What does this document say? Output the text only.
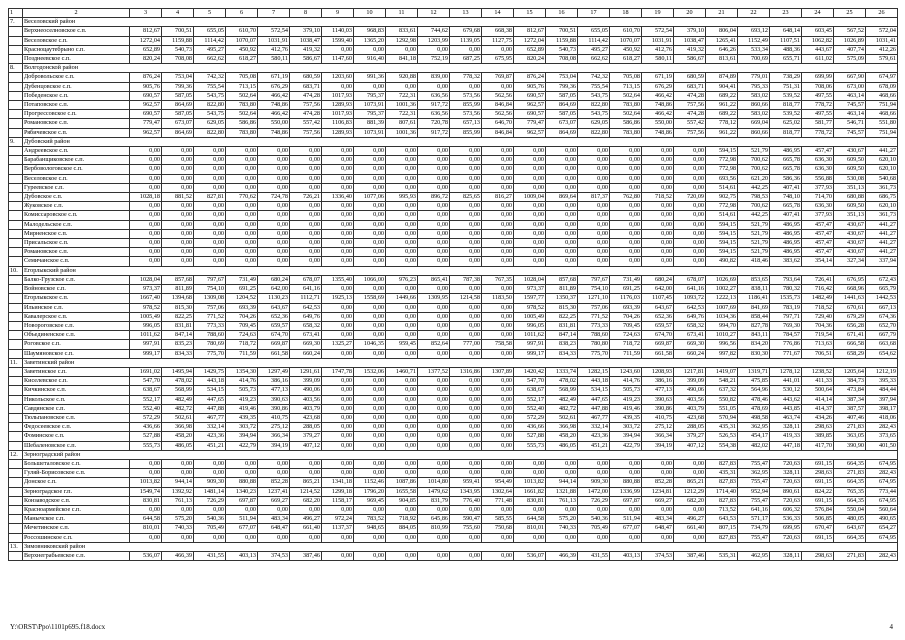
1	2	3	4	5	6	7	8	9	10	11	12	13	14	15	16	17	18	19	20	21	22	23	24	25	26
7.	Веселовский район																								
	Верхнеоселновское с.п.	812,67	700,51	655,05	610,70	572,54	379,10	1140,03	968,83	833,61	744,62	679,68	668,38	812,67	700,51	655,05	610,70	572,54	379,10	806,04	693,12	648,14	603,45	567,52	572,04
	Веселовское с.п.	1272,04	1159,88	1114,42	1070,07	1031,91	1038,47	1599,40	1365,20	1292,98	1203,99	1139,05	1127,75	1272,04	1159,88	1114,42	1070,07	1031,91	1038,47	1265,41	1152,49	1107,51	1062,82	1026,89	1031,41
	Красноцаутебрыно с.п.	652,89	540,73	495,27	450,92	412,76	419,32	0,00	0,00	0,00	0,00	0,00	0,00	652,89	540,73	495,27	450,92	412,76	419,32	646,26	533,34	488,36	443,67	407,74	412,26
	Позднеевское с.п.	820,24	708,08	662,62	618,27	580,11	586,67	1147,60	916,40	841,18	752,19	687,25	675,95	820,24	708,08	662,62	618,27	580,11	586,67	813,61	700,69	655,71	611,02	575,09	579,61
8.	Волгодонской район																								
	Добровольское с.п.	876,24	753,04	742,32	705,08	671,19	680,59	1203,60	991,36	920,88	839,00	778,32	769,87	876,24	753,04	742,32	705,08	671,19	680,59	874,89	779,01	738,29	699,99	667,90	674,97
	Дубенцовское с.п.	905,76	799,36	755,54	713,15	676,29	683,71	0,00	0,00	0,00	0,00	0,00	0,00	905,76	799,36	755,54	713,15	676,29	683,71	904,41	795,33	751,31	708,06	673,00	678,09
	Победенское с.п.	690,57	587,05	543,75	502,64	466,42	474,28	1017,93	795,37	722,31	636,56	573,56	562,56	690,57	587,05	543,75	502,64	466,42	474,28	689,22	583,02	539,52	497,55	463,14	468,66
	Потаповское с.п.	962,57	864,69	822,80	783,80	748,86	757,56	1289,93	1073,91	1001,36	917,72	855,99	846,84	962,57	864,69	822,80	783,80	748,86	757,56	961,22	860,66	818,77	778,72	745,57	751,94
	Прогрессовское с.п.	690,57	587,05	543,75	502,64	466,42	474,28	1017,93	795,37	722,31	636,56	573,56	562,56	690,57	587,05	543,75	502,64	466,42	474,28	689,22	583,02	539,52	497,55	463,14	468,66
	Романовское с.п.	779,47	673,07	629,05	586,86	550,00	557,42	1106,83	881,39	807,61	720,78	657,13	646,70	779,47	673,07	629,05	586,86	550,00	557,42	778,12	669,04	625,02	581,77	546,71	551,80
	Рябичевское с.п.	962,57	864,69	822,80	783,80	748,86	757,56	1289,93	1073,91	1001,36	917,72	855,99	846,84	962,57	864,69	822,80	783,80	748,86	757,56	961,22	860,66	818,77	778,72	745,57	751,94
9.	Дубовский район																								
	Андреевское с.п.	0,00	0,00	0,00	0,00	0,00	0,00	0,00	0,00	0,00	0,00	0,00	0,00	0,00	0,00	0,00	0,00	0,00	0,00	594,15	521,79	486,95	457,47	430,67	441,27
	Барабанщиковское с.п.	0,00	0,00	0,00	0,00	0,00	0,00	0,00	0,00	0,00	0,00	0,00	0,00	0,00	0,00	0,00	0,00	0,00	0,00	772,98	700,62	665,78	636,30	609,50	620,10
	Вербовологовское с.п.	0,00	0,00	0,00	0,00	0,00	0,00	0,00	0,00	0,00	0,00	0,00	0,00	0,00	0,00	0,00	0,00	0,00	0,00	772,98	700,62	665,78	636,30	609,50	620,10
	Веселовское с.п.	0,00	0,00	0,00	0,00	0,00	0,00	0,00	0,00	0,00	0,00	0,00	0,00	0,00	0,00	0,00	0,00	0,00	0,00	693,56	621,20	586,36	556,88	530,08	540,68
	Гуреевское с.п.	0,00	0,00	0,00	0,00	0,00	0,00	0,00	0,00	0,00	0,00	0,00	0,00	0,00	0,00	0,00	0,00	0,00	0,00	514,61	442,25	407,41	377,93	351,13	361,73
	Дубовское с.п.	1028,18	881,52	827,81	770,62	724,78	726,21	1336,40	1077,06	995,93	896,72	825,65	816,27	1009,04	869,64	817,37	762,80	718,52	720,09	902,75	798,53	748,10	714,70	680,88	686,75
	Жуковское с.п.	0,00	0,00	0,00	0,00	0,00	0,00	0,00	0,00	0,00	0,00	0,00	0,00	0,00	0,00	0,00	0,00	0,00	0,00	772,98	700,62	665,78	636,30	609,50	620,10
	Комиссаровское с.п.	0,00	0,00	0,00	0,00	0,00	0,00	0,00	0,00	0,00	0,00	0,00	0,00	0,00	0,00	0,00	0,00	0,00	0,00	514,61	442,25	407,41	377,93	351,13	361,73
	Малодельское с.п.	0,00	0,00	0,00	0,00	0,00	0,00	0,00	0,00	0,00	0,00	0,00	0,00	0,00	0,00	0,00	0,00	0,00	0,00	594,15	521,79	486,95	457,47	430,67	441,27
	Мирненское с.п.	0,00	0,00	0,00	0,00	0,00	0,00	0,00	0,00	0,00	0,00	0,00	0,00	0,00	0,00	0,00	0,00	0,00	0,00	594,15	521,79	486,95	457,47	430,67	441,27
	Присальское с.п.	0,00	0,00	0,00	0,00	0,00	0,00	0,00	0,00	0,00	0,00	0,00	0,00	0,00	0,00	0,00	0,00	0,00	0,00	594,15	521,79	486,95	457,47	430,67	441,27
	Романовское с.п.	0,00	0,00	0,00	0,00	0,00	0,00	0,00	0,00	0,00	0,00	0,00	0,00	0,00	0,00	0,00	0,00	0,00	0,00	594,15	521,79	486,95	457,47	430,67	441,27
	Семичанское с.п.	0,00	0,00	0,00	0,00	0,00	0,00	0,00	0,00	0,00	0,00	0,00	0,00	0,00	0,00	0,00	0,00	0,00	0,00	490,82	418,46	383,62	354,14	327,34	337,94
10.	Егорлыкский район																								
	Балко-Грузское с.п.	1028,04	857,68	797,67	731,49	680,24	678,07	1355,40	1066,00	976,23	865,41	787,38	767,35	1028,04	857,68	797,67	731,49	680,24	678,07	1026,69	853,65	793,64	726,41	676,95	672,43
	Войновское с.п.	973,37	811,89	754,10	691,25	642,00	641,16	0,00	0,00	0,00	0,00	0,00	0,00	973,37	811,89	754,10	691,25	642,00	641,16	1002,27	838,11	780,32	716,42	668,96	665,79
	Егорлыкское с.п.	1667,40	1394,68	1309,08	1204,52	1130,23	1112,71	1925,13	1558,69	1449,66	1309,95	1214,58	1183,50	1597,77	1350,37	1271,10	1176,03	1107,45	1093,72	1222,13	1186,41	1535,73	1482,49	1441,63	1442,53
	Ильинское с.п.	978,52	815,30	757,06	693,39	643,67	642,53	0,00	0,00	0,00	0,00	0,00	0,00	978,52	815,30	757,06	693,39	643,67	642,53	1007,69	841,69	783,19	718,52	670,61	667,13
	Кавалерское с.п.	1005,49	822,25	771,52	704,26	652,36	649,76	0,00	0,00	0,00	0,00	0,00	0,00	1005,49	822,25	771,52	704,26	652,36	649,76	1034,36	858,44	797,71	729,40	679,29	674,36
	Новороговское с.п.	996,05	831,81	773,33	709,45	659,57	658,32	0,00	0,00	0,00	0,00	0,00	0,00	996,05	831,81	773,33	709,45	659,57	658,32	994,70	827,78	769,30	704,36	656,28	652,70
	Объединенское с.п.	1011,62	847,14	788,60	724,63	674,70	673,41	0,00	0,00	0,00	0,00	0,00	0,00	1011,62	847,14	788,60	724,63	674,70	673,41	1010,27	843,11	784,57	719,54	671,41	667,79
	Роговское с.п.	997,91	835,23	780,69	718,72	669,87	669,30	1325,27	1046,35	959,45	852,64	777,00	758,58	997,91	838,23	780,80	718,72	669,87	669,30	996,56	834,20	776,86	713,63	666,58	663,68
	Шаумяновское с.п.	999,17	834,33	775,70	711,59	661,58	660,24	0,00	0,00	0,00	0,00	0,00	0,00	999,17	834,33	775,70	711,59	661,58	660,24	997,82	830,30	771,67	706,51	658,29	654,62
11.	Заветинский район																								
	Заветинское с.п.	1691,02	1495,94	1429,75	1354,30	1297,49	1291,61	1747,78	1532,06	1460,71	1377,52	1316,86	1307,89	1420,42	1333,74	1282,15	1243,60	1208,93	1217,81	1419,07	1319,71	1278,12	1238,52	1205,64	1212,19
	Киселевское с.п.	547,70	478,02	443,18	414,76	386,16	399,09	0,00	0,00	0,00	0,00	0,00	0,00	547,70	478,02	443,18	414,76	386,16	399,09	548,21	475,85	441,01	411,33	384,73	395,33
	Кичкинское с.п.	638,67	568,99	534,15	505,73	477,13	490,06	0,00	0,00	0,00	0,00	0,00	0,00	638,67	568,99	534,15	505,73	477,13	490,06	637,32	564,96	530,12	500,64	473,84	484,44
	Никольское с.п.	552,17	482,49	447,65	419,23	390,63	403,56	0,00	0,00	0,00	0,00	0,00	0,00	552,17	482,49	447,65	419,23	390,63	403,56	550,82	478,46	443,62	414,14	387,34	397,94
	Савдянское с.п.	552,40	482,72	447,88	419,46	390,86	403,79	0,00	0,00	0,00	0,00	0,00	0,00	552,40	482,72	447,88	419,46	390,86	403,79	551,05	478,69	443,85	414,37	387,57	398,17
	Тюльпановское с.п.	572,29	502,61	467,77	439,35	410,75	423,68	0,00	0,00	0,00	0,00	0,00	0,00	572,29	502,61	467,77	439,35	410,75	423,68	570,94	498,58	463,74	434,26	407,46	418,06
	Федосеевское с.п.	436,66	366,98	332,14	303,72	275,12	288,05	0,00	0,00	0,00	0,00	0,00	0,00	436,66	366,98	332,14	303,72	275,12	288,05	435,31	362,95	328,11	298,63	271,83	282,43
	Фоминское с.п.	527,88	458,20	423,36	394,94	366,34	379,27	0,00	0,00	0,00	0,00	0,00	0,00	527,88	458,20	423,36	394,94	366,34	379,27	526,53	454,17	419,33	389,85	363,05	373,65
	Шебаленовское с.п.	555,73	486,05	451,21	422,79	394,19	407,12	0,00	0,00	0,00	0,00	0,00	0,00	555,73	486,05	451,21	422,79	394,19	407,12	554,38	482,02	447,18	417,70	390,90	401,50
12.	Зерноградский район																								
	Большеталовское с.п.	0,00	0,00	0,00	0,00	0,00	0,00	0,00	0,00	0,00	0,00	0,00	0,00	0,00	0,00	0,00	0,00	0,00	0,00	827,83	755,47	720,63	691,15	664,35	674,95
	Гуляй-Борисовское с.п.	0,00	0,00	0,00	0,00	0,00	0,00	0,00	0,00	0,00	0,00	0,00	0,00	0,00	0,00	0,00	0,00	0,00	0,00	435,31	362,95	328,11	298,63	271,83	282,43
	Донское с.п.	1013,82	944,14	909,30	880,88	852,28	865,21	1341,18	1152,46	1087,86	1014,80	959,41	954,49	1013,82	944,14	909,30	880,88	852,28	865,21	827,83	755,47	720,63	691,15	664,35	674,95
	Зерноградское г.п.	1549,74	1392,92	1481,14	1340,23	1237,41	1214,52	1299,18	1796,20	1655,58	1479,62	1343,95	1302,64	1661,82	1321,88	1472,00	1336,99	1234,81	1212,29	1714,40	952,94	890,61	824,22	765,35	773,44
	Конзаводское с.п.	830,81	761,13	726,29	697,87	669,27	682,20	1158,17	969,45	904,85	831,79	776,40	771,48	830,81	761,13	726,29	697,87	669,27	682,20	827,83	755,47	720,63	691,15	664,35	674,95
	Красноармейское с.п.	0,00	0,00	0,00	0,00	0,00	0,00	0,00	0,00	0,00	0,00	0,00	0,00	0,00	0,00	0,00	0,00	0,00	0,00	713,52	641,16	606,32	576,84	550,04	560,64
	Манычское с.п.	644,58	575,20	540,36	511,94	483,34	496,27	972,24	783,52	718,92	645,86	590,47	585,55	644,58	575,20	540,36	511,94	483,34	496,27	643,53	571,17	536,33	506,85	480,05	490,65
	Мечетинское с.п.	810,01	740,33	705,49	677,07	648,47	661,40	1137,37	948,65	884,05	810,99	755,60	750,68	810,01	740,33	705,49	677,07	648,47	661,40	807,15	734,79	699,95	670,47	643,67	654,27
	Россошинское с.п.	0,00	0,00	0,00	0,00	0,00	0,00	0,00	0,00	0,00	0,00	0,00	0,00	0,00	0,00	0,00	0,00	0,00	0,00	827,83	755,47	720,63	691,15	664,35	674,95
13.	Зимовниковский район																								
	Верхнеграбьевское с.п.	536,07	466,39	431,55	403,13	374,53	387,46	0,00	0,00	0,00	0,00	0,00	0,00	536,07	466,39	431,55	403,13	374,53	387,46	535,31	462,95	328,11	298,63	271,83	282,43
Y:\ORST\Ppo\1101p695.f18.docx	4
